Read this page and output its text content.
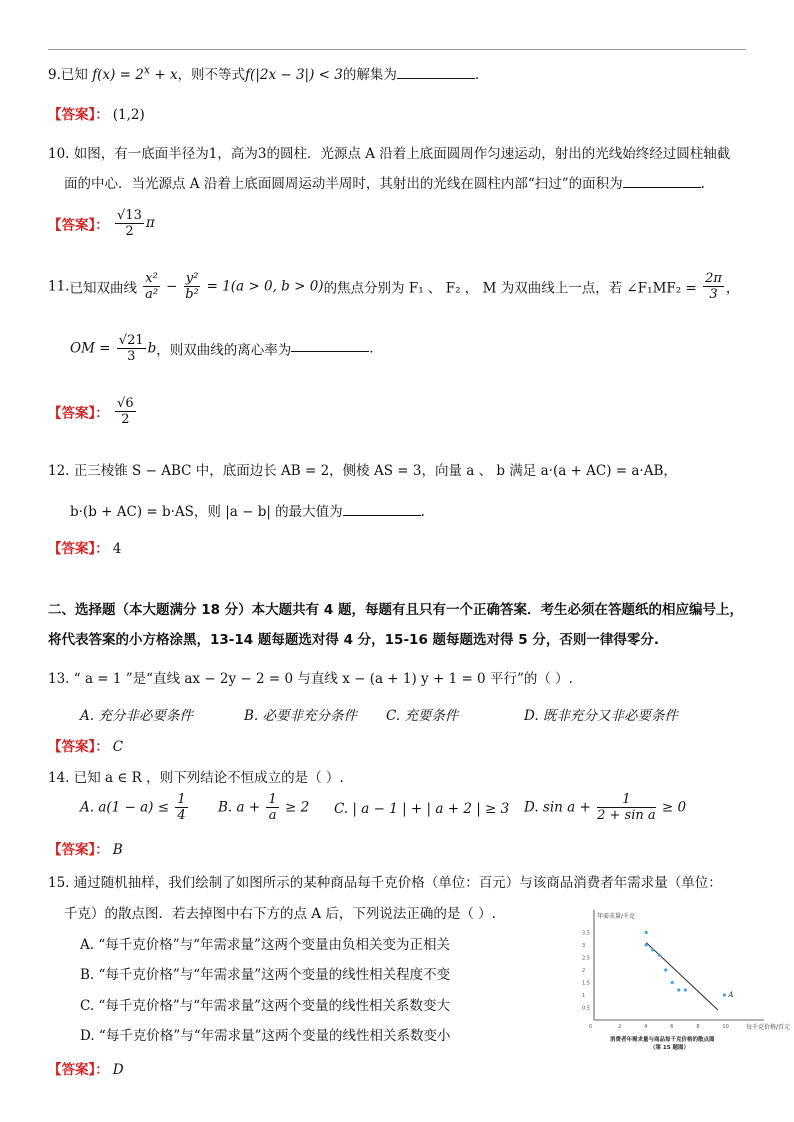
9.已知 $f(x) = 2^x + x$，则不等式f(|2x − 3|) < 3的解集为	.
【答案】： (1,2)
10. 如图，有一底面半径为1，高为3的圆柱．光源点 A 沿着上底面圆周作匀速运动，射出的光线始终经过圆柱轴截
面的中心．当光源点 A 沿着上底面圆周运动半周时，其射出的光线在圆柱内部“扫过”的面积为	.
【答案】： $\frac{√13}{2}$ π
11.已知双曲线 $\frac{\text{x²}}{\text{a²}} - \frac{\text{y²}}{\text{b²}} = 1(a > 0$, b > 0)的焦点分别为 F₁ 、 F₂ ， M 为双曲线上一点，若 ∠F₁MF₂ = $\frac{2\pi}{3}$ ，
OM = $\frac{√21}{3}$ b，则双曲线的离心率为	.
【答案】： $\frac{√6}{2}$
12. 正三棱锥 S − ABC 中，底面边长 AB = 2，侧棱 AS = 3，向量 a 、 b 满足 a·(a + AC) = a·AB，
b·(b + AC) = b·AS，则 |a − b| 的最大值为	.
【答案】： 4
二、选择题（本大题满分 18 分）本大题共有 4 题，每题有且只有一个正确答案．考生必须在答题纸的相应编号上，
将代表答案的小方格涂黑，13-14 题每题选对得 4 分，15-16 题每题选对得 5 分，否则一律得零分.
13. “ a = 1 ”是“直线 ax − 2y − 2 = 0 与直线 x − (a + 1) y + 1 = 0 平行”的（ ）.
A. 充分非必要条件	B. 必要非充分条件 C. 充要条件	D. 既非充分又非必要条件
【答案】： C
14. 已知 a ∈ R ，则下列结论不恒成立的是（ ）.
A. $a(1 - a) \le \frac{1}{4} B$. $a + \frac{1}{a} \ge 2$ C. | a − 1 | + | a + 2 | ≥ 3 D. $\sin a + \frac{1}{\text{2 + sin a}} \ge 0$
【答案】： B
15. 通过随机抽样，我们绘制了如图所示的某种商品每千克价格（单位：百元）与该商品消费者年需求量（单位：
千克）的散点图．若去掉图中右下方的点 A 后，下列说法正确的是（ ）.
A. “每千克价格”与“年需求量”这两个变量由负相关变为正相关
B. “每千克价格”与“年需求量”这两个变量的线性相关程度不变
C. “每千克价格”与“年需求量”这两个变量的线性相关系数变大
D. “每千克价格”与“年需求量”这两个变量的线性相关系数变小
【答案】： D
年需求量/千克
每千克价格/百元
0	2	4	6	8	10
0.5
1
1.5
2
2.5
3
3.5
A
消费者年需求量与商品每千克价格的散点图
（第 15 题图）
